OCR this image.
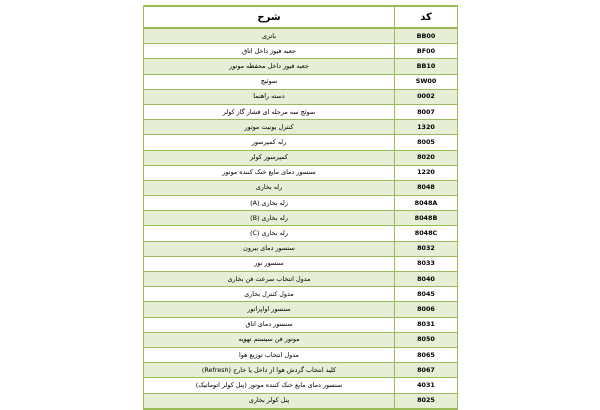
کد	شرح
BB00	باتری
BF00	جعبه فیوز داخل اتاق
BB10	جعبه فیوز داخل محفظه موتور
SW00	سوئیچ
0002	دسته راهنما
8007	سوئچ سه مرحله ای فشار گاز کولر
1320	کنترل یونیت موتور
8005	رله کمپرسور
8020	کمپرسور کولر
1220	سنسور دمای مایع خنک کننده موتور
8048	رله بخاری
8048A	رله بخاری (A)
8048B	رله بخاری (B)
8048C	رله بخاری (C)
8032	سنسور دمای بیرون
8033	سنسور نور
8040	مدول انتخاب سرعت فن بخاری
8045	مدول کنترل بخاری
8006	سنسور اواپراتور
8031	سنسور دمای اتاق
8050	موتور فن سیستم تهویه
8065	مدول انتخاب توزیع هوا
8067	کلید انتخاب گردش هوا از داخل یا خارج (Refresh)
4031	سنسور دمای مایع خنک کننده موتور (پنل کولر اتوماتیک)
8025	پنل کولر بخاری
